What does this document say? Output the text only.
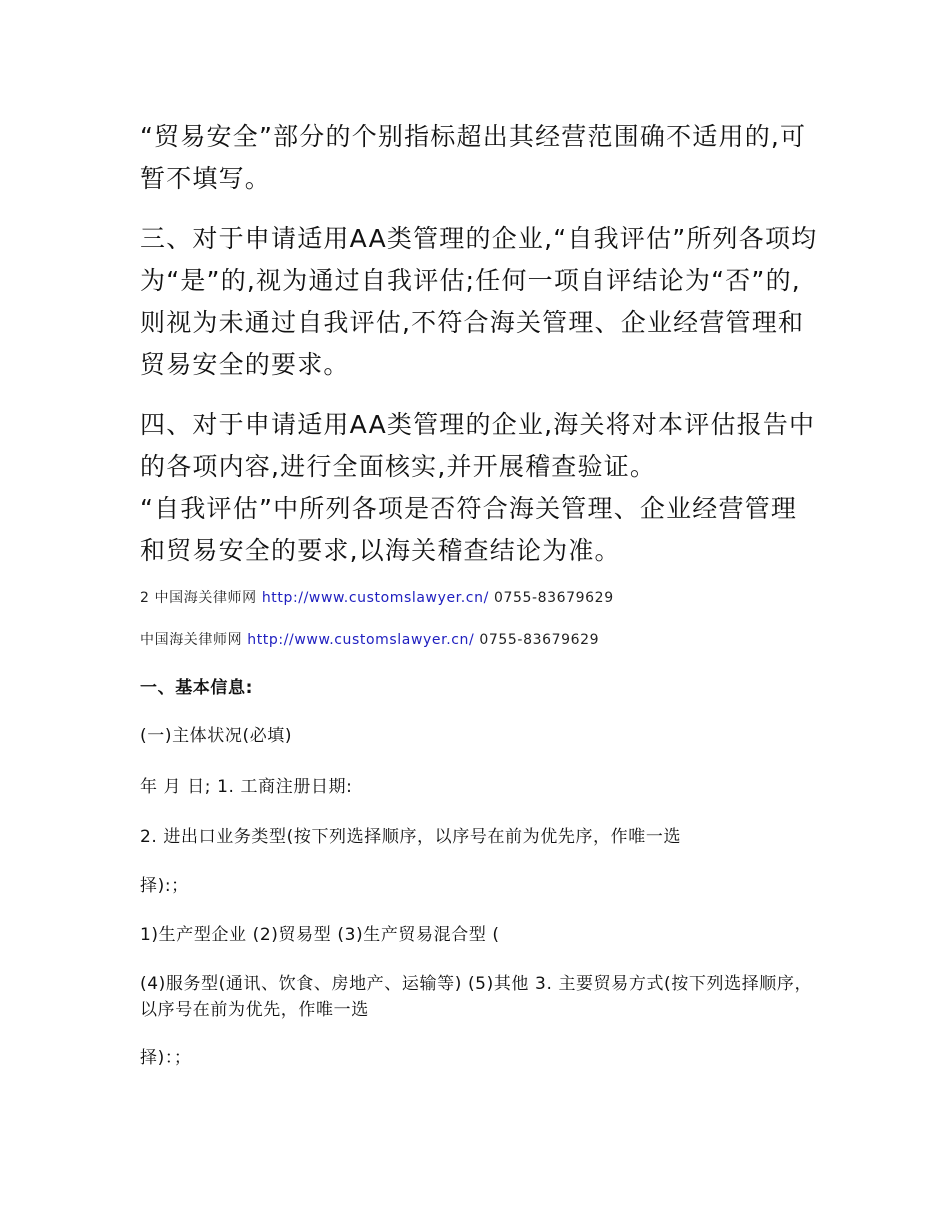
“贸易安全”部分的个别指标超出其经营范围确不适用的,可暂不填写。

三、对于申请适用AA类管理的企业,“自我评估”所列各项均为“是”的,视为通过自我评估;任何一项自评结论为“否”的,则视为未通过自我评估,不符合海关管理、企业经营管理和贸易安全的要求。

四、对于申请适用AA类管理的企业,海关将对本评估报告中的各项内容,进行全面核实,并开展稽查验证。

“自我评估”中所列各项是否符合海关管理、企业经营管理和贸易安全的要求,以海关稽查结论为准。

2 中国海关律师网 http://www.customslawyer.cn/ 0755-83679629
中国海关律师网 http://www.customslawyer.cn/ 0755-83679629
一、基本信息:
(一)主体状况(必填)
年 月 日; 1. 工商注册日期:
2. 进出口业务类型(按下列选择顺序，以序号在前为优先序，作唯一选
择):；
1)生产型企业 (2)贸易型 (3)生产贸易混合型 (
(4)服务型(通讯、饮食、房地产、运输等) (5)其他 3. 主要贸易方式(按下列选择顺序，以序号在前为优先，作唯一选
择)：；
